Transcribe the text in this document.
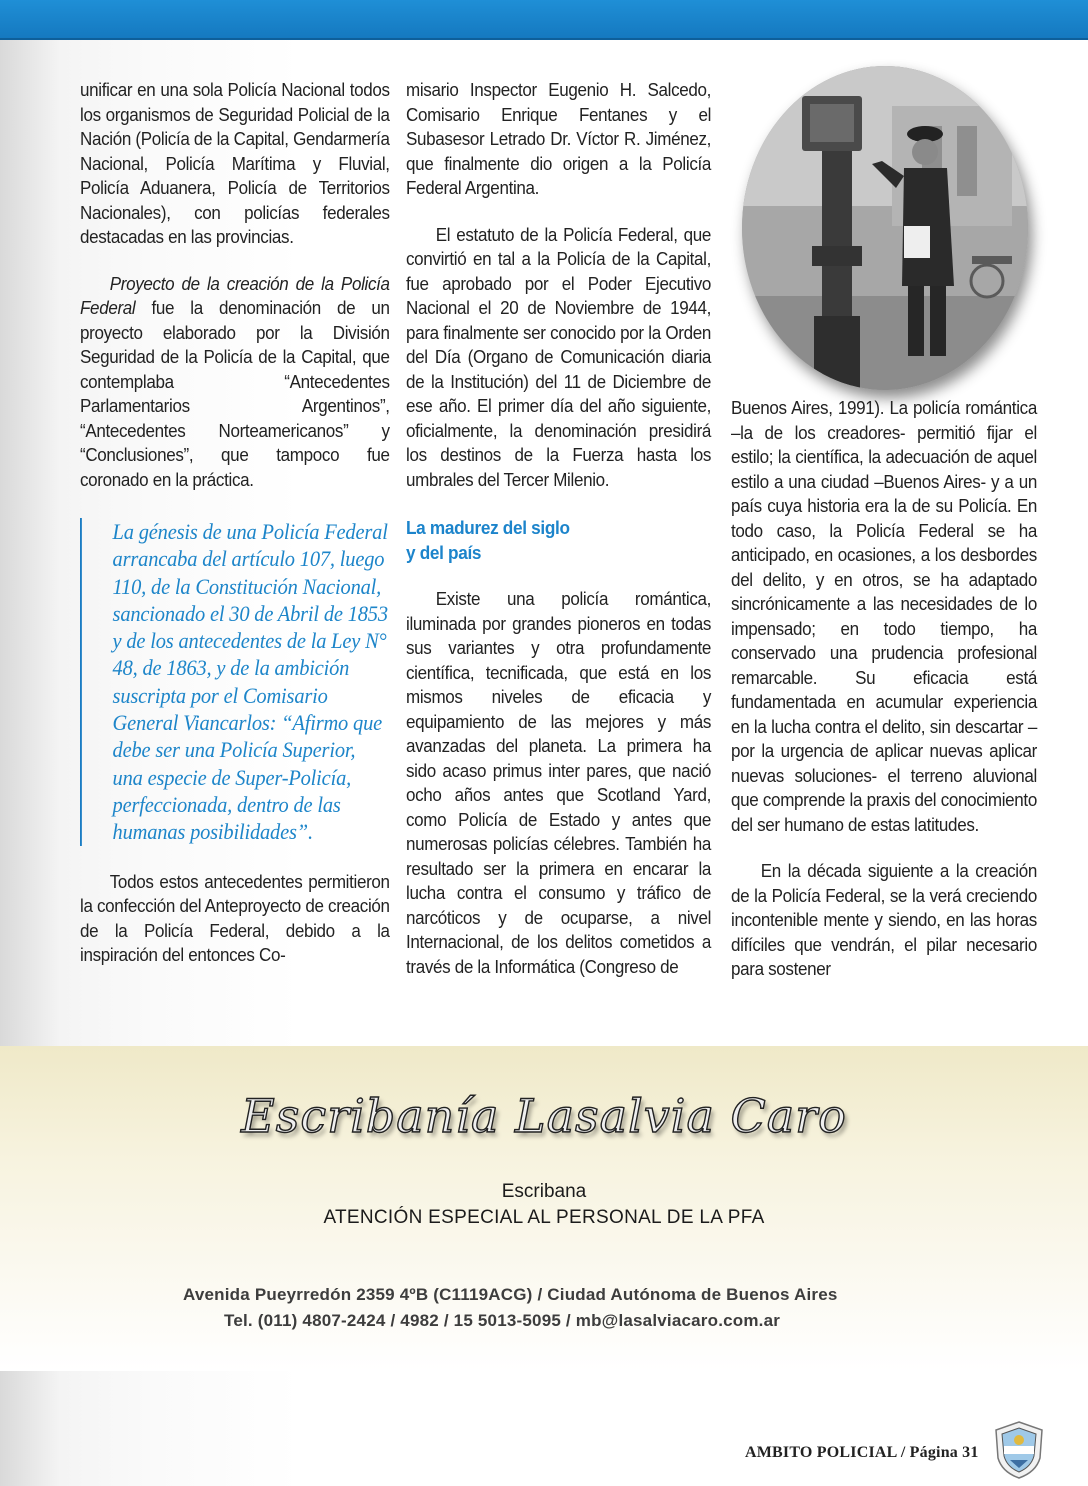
unificar en una sola Policía Nacional todos los organismos de Seguridad Policial de la Nación (Policía de la Capital, Gendarmería Nacional, Policía Marítima y Fluvial, Policía Aduanera, Policía de Territorios Nacionales), con policías federales destacadas en las provincias.

Proyecto de la creación de la Policía Federal fue la denominación de un proyecto elaborado por la División Seguridad de la Policía de la Capital, que contemplaba “Antecedentes Parlamentarios Argentinos”, “Antecedentes Norteamericanos” y “Conclusiones”, que tampoco fue coronado en la práctica.

La génesis de una Policía Federal arrancaba del artículo 107, luego 110, de la Constitución Nacional, sancionado el 30 de Abril de 1853 y de los antecedentes de la Ley N° 48, de 1863, y de la ambición suscripta por el Comisario General Viancarlos: “Afirmo que debe ser una Policía Superior, una especie de Super-Policía, perfeccionada, dentro de las humanas posibilidades”.

Todos estos antecedentes permitieron la confección del Anteproyecto de creación de la Policía Federal, debido a la inspiración del entonces Co-

misario Inspector Eugenio H. Salcedo, Comisario Enrique Fentanes y el Subasesor Letrado Dr. Víctor R. Jiménez, que finalmente dio origen a la Policía Federal Argentina.

El estatuto de la Policía Federal, que convirtió en tal a la Policía de la Capital, fue aprobado por el Poder Ejecutivo Nacional el 20 de Noviembre de 1944, para finalmente ser conocido por la Orden del Día (Organo de Comunicación diaria de la Institución) del 11 de Diciembre de ese año. El primer día del año siguiente, oficialmente, la denominación presidirá los destinos de la Fuerza hasta los umbrales del Tercer Milenio.

La madurez del siglo
y del país

Existe una policía romántica, iluminada por grandes pioneros en todas sus variantes y otra profundamente científica, tecnificada, que está en los mismos niveles de eficacia y equipamiento de las mejores y más avanzadas del planeta. La primera ha sido acaso primus inter pares, que nació ocho años antes que Scotland Yard, como Policía de Estado y antes que numerosas policías célebres. También ha resultado ser la primera en encarar la lucha contra el consumo y tráfico de narcóticos y de ocuparse, a nivel Internacional, de los delitos cometidos a través de la Informática (Congreso de

Buenos Aires, 1991). La policía romántica –la de los creadores- permitió fijar el estilo; la científica, la adecuación de aquel estilo a una ciudad –Buenos Aires- y a un país cuya historia era la de su Policía. En todo caso, la Policía Federal se ha anticipado, en ocasiones, a los desbordes del delito, y en otros, se ha adaptado sincrónicamente a las necesidades de lo impensado; en todo tiempo, ha conservado una prudencia profesional remarcable. Su eficacia está fundamentada en acumular experiencia en la lucha contra el delito, sin descartar –por la urgencia de aplicar nuevas aplicar nuevas soluciones- el terreno aluvional que comprende la praxis del conocimiento del ser humano de estas latitudes.

En la década siguiente a la creación de la Policía Federal, se la verá creciendo incontenible mente y siendo, en las horas difíciles que vendrán, el pilar necesario para sostener

Escribanía Lasalvia Caro
Escribana
ATENCIÓN ESPECIAL AL PERSONAL DE LA PFA
Avenida Pueyrredón 2359 4ºB (C1119ACG) / Ciudad Autónoma de Buenos Aires
Tel. (011) 4807-2424 / 4982 / 15 5013-5095 / mb@lasalviacaro.com.ar
AMBITO POLICIAL / Página 31
